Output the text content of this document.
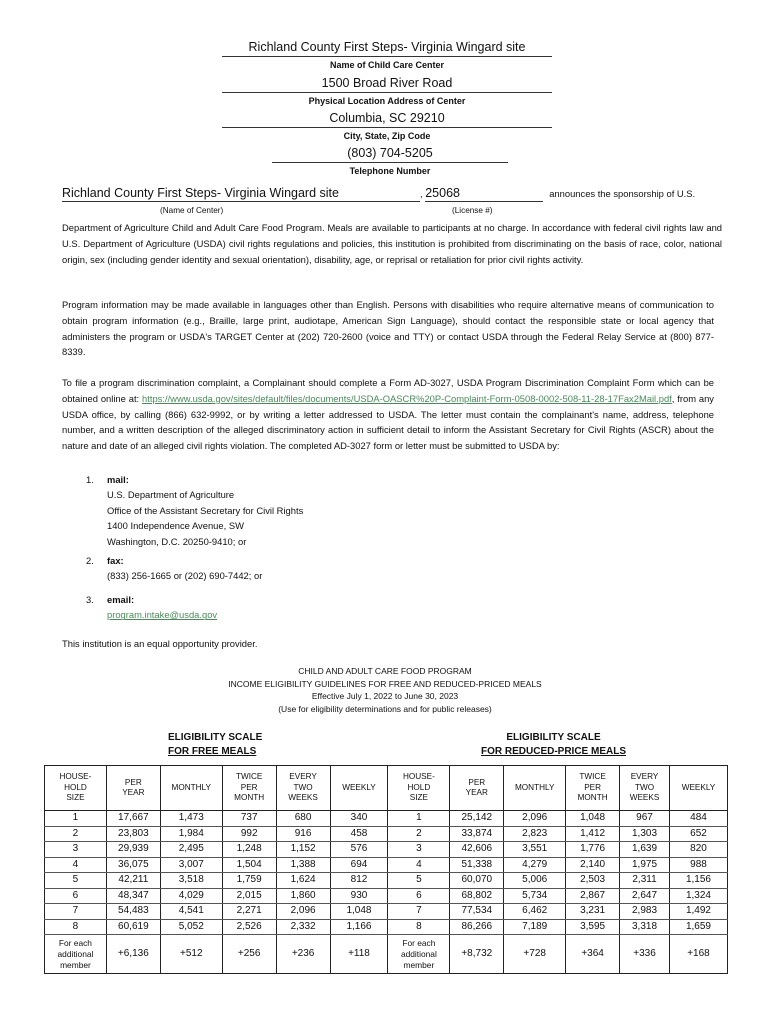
Richland County First Steps- Virginia Wingard site
Name of Child Care Center
1500 Broad River Road
Physical Location Address of Center
Columbia, SC 29210
City, State, Zip Code
(803) 704-5205
Telephone Number
Richland County First Steps- Virginia Wingard site	, 25068	announces the sponsorship of U.S.
Department of Agriculture Child and Adult Care Food Program. Meals are available to participants at no charge. In accordance with federal civil rights law and U.S. Department of Agriculture (USDA) civil rights regulations and policies, this institution is prohibited from discriminating on the basis of race, color, national origin, sex (including gender identity and sexual orientation), disability, age, or reprisal or retaliation for prior civil rights activity.
(Name of Center)	(License #)

Program information may be made available in languages other than English. Persons with disabilities who require alternative means of communication to obtain program information (e.g., Braille, large print, audiotape, American Sign Language), should contact the responsible state or local agency that administers the program or USDA's TARGET Center at (202) 720-2600 (voice and TTY) or contact USDA through the Federal Relay Service at (800) 877-8339.

To file a program discrimination complaint, a Complainant should complete a Form AD-3027, USDA Program Discrimination Complaint Form which can be obtained online at: https://www.usda.gov/sites/default/files/documents/USDA-OASCR%20P-Complaint-Form-0508-0002-508-11-28-17Fax2Mail.pdf, from any USDA office, by calling (866) 632-9992, or by writing a letter addressed to USDA. The letter must contain the complainant's name, address, telephone number, and a written description of the alleged discriminatory action in sufficient detail to inform the Assistant Secretary for Civil Rights (ASCR) about the nature and date of an alleged civil rights violation. The completed AD-3027 form or letter must be submitted to USDA by:

1. mail:
U.S. Department of Agriculture
Office of the Assistant Secretary for Civil Rights
1400 Independence Avenue, SW
Washington, D.C. 20250-9410; or
2. fax:
(833) 256-1665 or (202) 690-7442; or
3. email:
program.intake@usda.gov

This institution is an equal opportunity provider.

CHILD AND ADULT CARE FOOD PROGRAM
INCOME ELIGIBILITY GUIDELINES FOR FREE AND REDUCED-PRICED MEALS
Effective July 1, 2022 to June 30, 2023
(Use for eligibility determinations and for public releases)
ELIGIBILITY SCALE
FOR FREE MEALS
ELIGIBILITY SCALE
FOR REDUCED-PRICE MEALS
HOUSE-
HOLD
SIZE	PER
YEAR	MONTHLY	TWICE
PER
MONTH	EVERY
TWO
WEEKS	WEEKLY	HOUSE-
HOLD
SIZE	PER
YEAR	MONTHLY	TWICE
PER
MONTH	EVERY
TWO
WEEKS	WEEKLY
1	17,667	1,473	737	680	340	1	25,142	2,096	1,048	967	484
2	23,803	1,984	992	916	458	2	33,874	2,823	1,412	1,303	652
3	29,939	2,495	1,248	1,152	576	3	42,606	3,551	1,776	1,639	820
4	36,075	3,007	1,504	1,388	694	4	51,338	4,279	2,140	1,975	988
5	42,211	3,518	1,759	1,624	812	5	60,070	5,006	2,503	2,311	1,156
6	48,347	4,029	2,015	1,860	930	6	68,802	5,734	2,867	2,647	1,324
7	54,483	4,541	2,271	2,096	1,048	7	77,534	6,462	3,231	2,983	1,492
8	60,619	5,052	2,526	2,332	1,166	8	86,266	7,189	3,595	3,318	1,659
For each
additional
member	+6,136	+512	+256	+236	+118	For each
additional
member	+8,732	+728	+364	+336	+168
